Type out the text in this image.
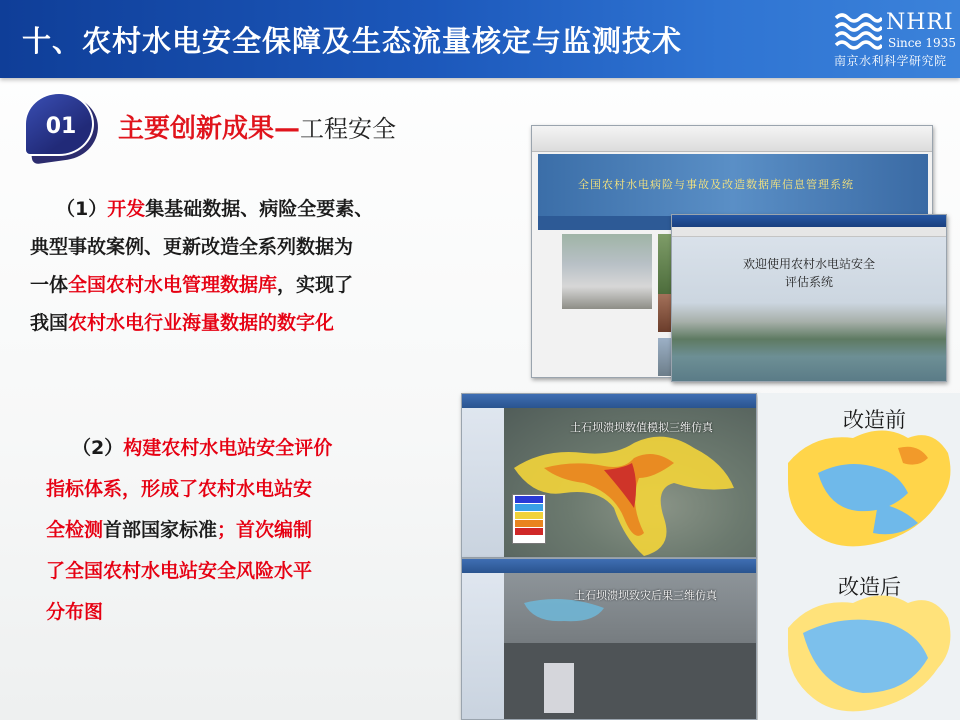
十、农村水电安全保障及生态流量核定与监测技术
NHRI
Since 1935
南京水利科学研究院
01	主要创新成果—工程安全
（1）开发集基础数据、病险全要素、
典型事故案例、更新改造全系列数据为
一体全国农村水电管理数据库，实现了
我国农村水电行业海量数据的数字化
（2）构建农村水电站安全评价
指标体系，形成了农村水电站安
全检测首部国家标准；首次编制
了全国农村水电站安全风险水平
分布图
全国农村水电病险与事故及改造数据库信息管理系统
欢迎使用农村水电站安全
评估系统
土石坝溃坝数值模拟三维仿真
土石坝溃坝致灾后果三维仿真
改造前
改造后
